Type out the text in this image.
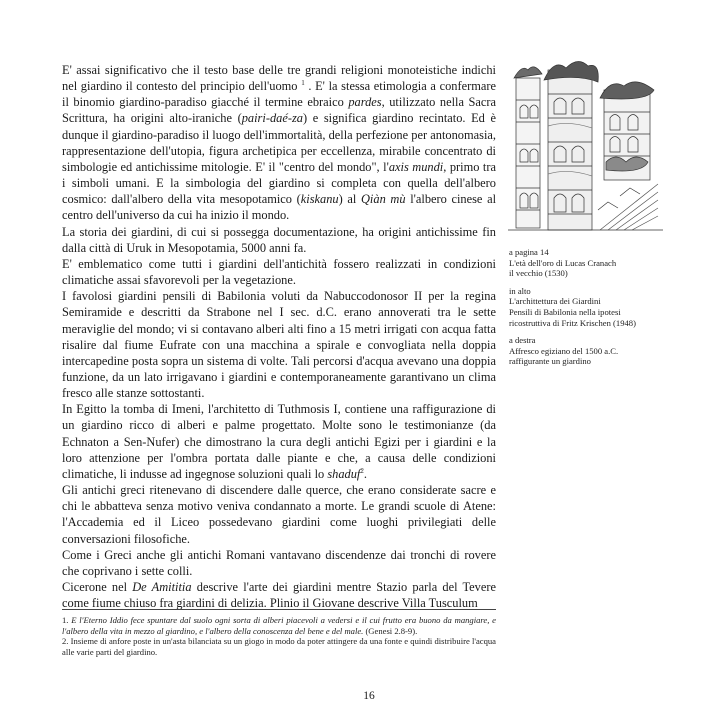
E' assai significativo che il testo base delle tre grandi religioni monoteistiche indichi nel giardino il contesto del principio dell'uomo $^1$ . E' la stessa etimologia a confermare il binomio giardino-paradiso giacché il termine ebraico pardes, utilizzato nella Sacra Scrittura, ha origini alto-iraniche (pairi-daé-za) e significa giardino recintato. Ed è dunque il giardino-paradiso il luogo dell'immortalità, della perfezione per antonomasia, rappresentazione dell'utopia, figura archetipica per eccellenza, mirabile concentrato di simbologie ed antichissime mitologie. E' il "centro del mondo", l'axis mundi, primo tra i simboli umani. E la simbologia del giardino si completa con quella dell'albero cosmico: dall'albero della vita mesopotamico (kiskanu) al Qiàn mù l'albero cinese al centro dell'universo da cui ha inizio il mondo.

La storia dei giardini, di cui si possegga documentazione, ha origini antichissime fin dalla città di Uruk in Mesopotamia, 5000 anni fa.

E' emblematico come tutti i giardini dell'antichità fossero realizzati in condizioni climatiche assai sfavorevoli per la vegetazione.

I favolosi giardini pensili di Babilonia voluti da Nabuccodonosor II per la regina Semiramide e descritti da Strabone nel I sec. d.C. erano annoverati tra le sette meraviglie del mondo; vi si contavano alberi alti fino a 15 metri irrigati con acqua fatta risalire dal fiume Eufrate con una macchina a spirale e convogliata nella doppia intercapedine posta sopra un sistema di volte. Tali percorsi d'acqua avevano una doppia funzione, da un lato irrigavano i giardini e contemporaneamente garantivano un clima fresco alle stanze sottostanti.

In Egitto la tomba di Imeni, l'architetto di Tuthmosis I, contiene una raffigurazione di un giardino ricco di alberi e palme progettato. Molte sono le testimonianze (da Echnaton a Sen-Nufer) che dimostrano la cura degli antichi Egizi per i giardini e la loro attenzione per l'ombra portata dalle piante e che, a causa delle condizioni climatiche, li indusse ad ingegnose soluzioni quali lo shaduf$^2$.

Gli antichi greci ritenevano di discendere dalle querce, che erano considerate sacre e chi le abbatteva senza motivo veniva condannato a morte. Le grandi scuole di Atene: l'Accademia ed il Liceo possedevano giardini come luoghi privilegiati delle conversazioni filosofiche.

Come i Greci anche gli antichi Romani vantavano discendenze dai tronchi di rovere che coprivano i sette colli.

Cicerone nel De Amititia descrive l'arte dei giardini mentre Stazio parla del Tevere come fiume chiuso fra giardini di delizia. Plinio il Giovane descrive Villa Tusculum

a pagina 14
L'età dell'oro di Lucas Cranach
il vecchio (1530)
in alto
L'archittettura dei Giardini
Pensili di Babilonia nella ipotesi
ricostruttiva di Fritz Krischen (1948)
a destra
Affresco egiziano del 1500 a.C.
raffigurante un giardino

1. E l'Eterno Iddio fece spuntare dal suolo ogni sorta di alberi piacevoli a vedersi e il cui frutto era buono da mangiare, e l'albero della vita in mezzo al giardino, e l'albero della conoscenza del bene e del male. (Genesi 2.8-9).

2. Insieme di anfore poste in un'asta bilanciata su un giogo in modo da poter attingere da una fonte e quindi distribuire l'acqua alle varie parti del giardino.

16
